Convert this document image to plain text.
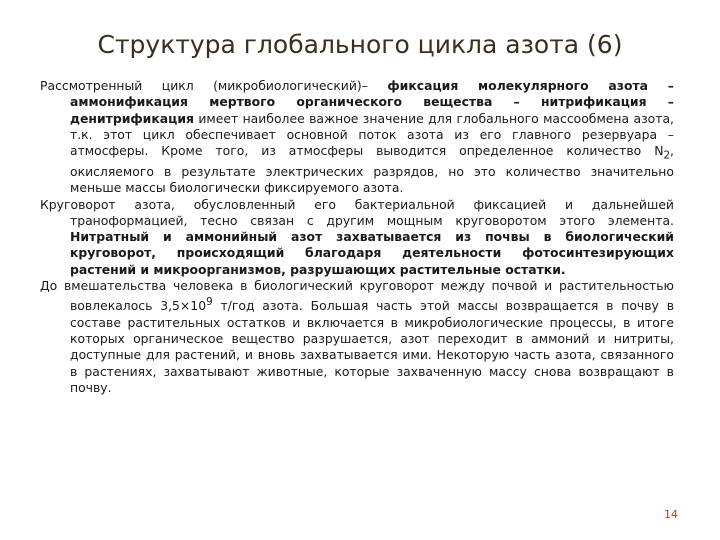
Структура глобального цикла азота (6)

Рассмотренный цикл (микробиологический)– фиксация молекулярного азота – аммонификация мертвого органического вещества – нитрификация – денитрификация имеет наиболее важное значение для глобального массообмена азота, т.к. этот цикл обеспечивает основной поток азота из его главного резервуара – атмосферы. Кроме того, из атмосферы выводится определенное количество $N_2$, окисляемого в результате электрических разрядов, но это количество значительно меньше массы биологически фиксируемого азота.

Круговорот азота, обусловленный его бактериальной фиксацией и дальнейшей траноформацией, тесно связан с другим мощным круговоротом этого элемента. Нитратный и аммонийный азот захватывается из почвы в биологический круговорот, происходящий благодаря деятельности фотосинтезирующих растений и микроорганизмов, разрушающих растительные остатки.

До вмешательства человека в биологический круговорот между почвой и растительностью вовлекалось $3,5\times 10^9$ т/год азота. Большая часть этой массы возвращается в почву в составе растительных остатков и включается в микробиологические процессы, в итоге которых органическое вещество разрушается, азот переходит в аммоний и нитриты, доступные для растений, и вновь захватывается ими. Некоторую часть азота, связанного в растениях, захватывают животные, которые захваченную массу снова возвращают в почву.

14
